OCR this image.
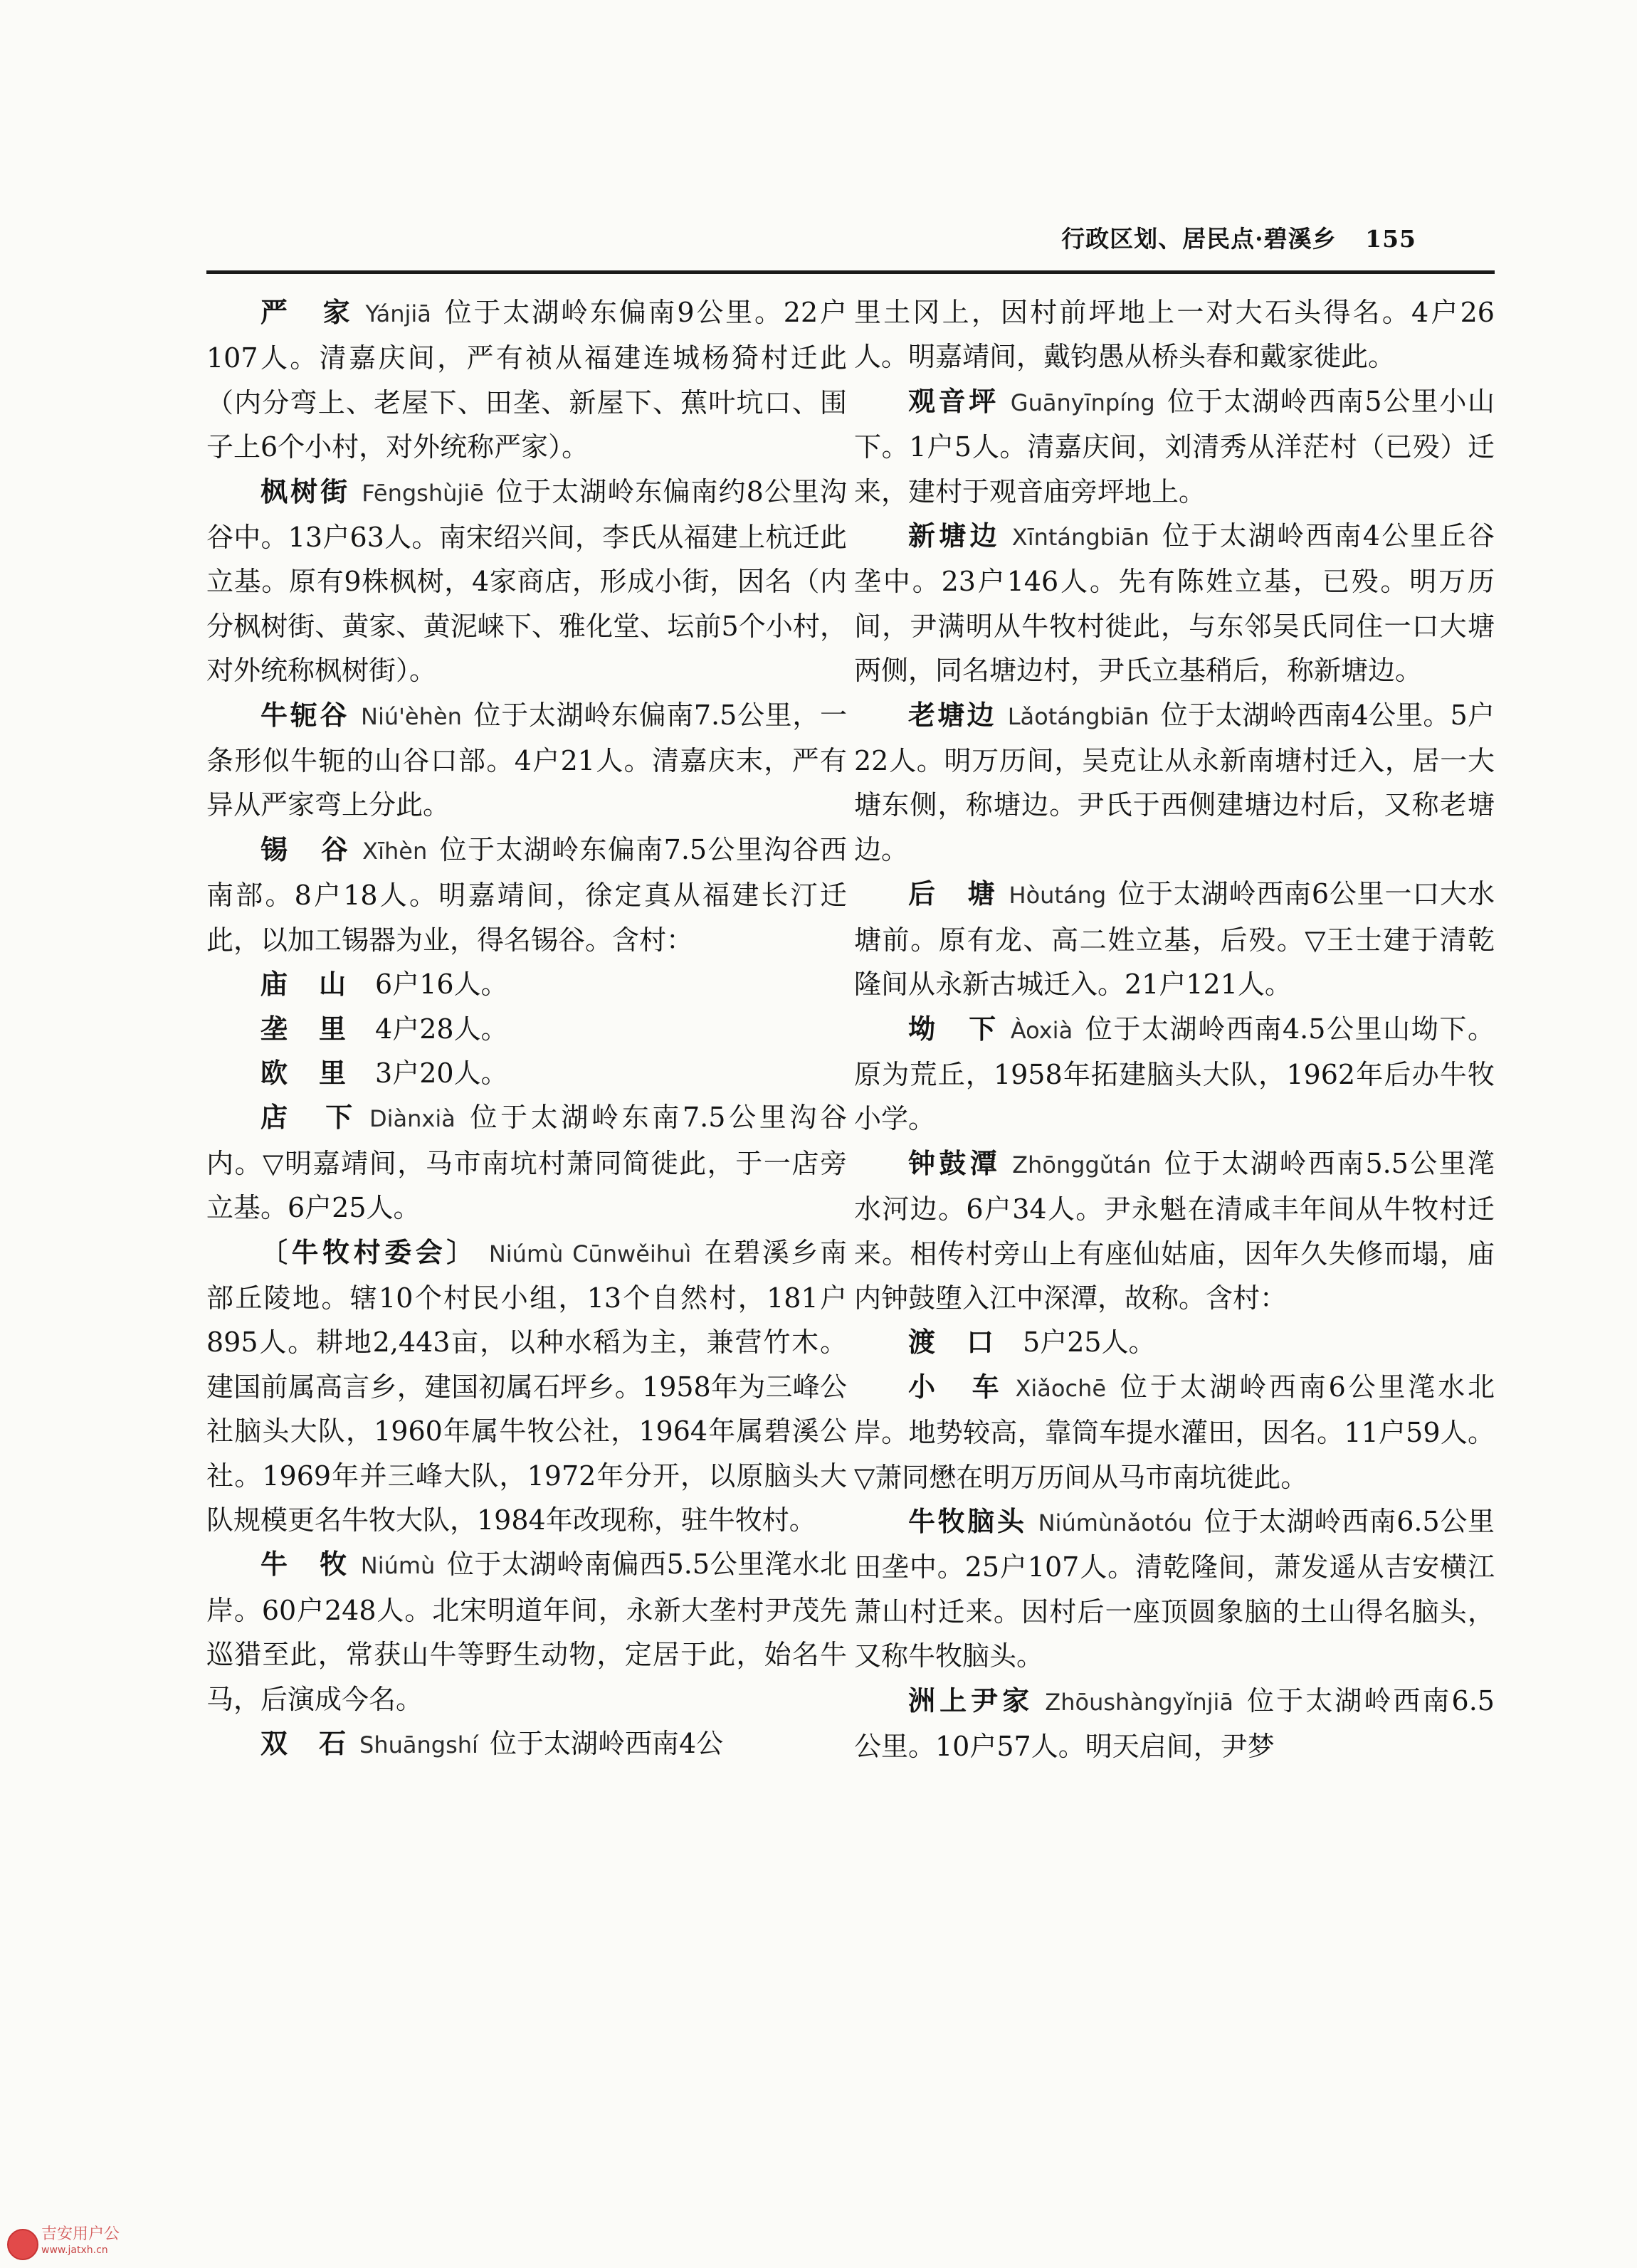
行政区划、居民点·碧溪乡 155

严　家 Yánjiā 位于太湖岭东偏南9公里。22户107人。清嘉庆间，严有祯从福建连城杨猗村迁此（内分弯上、老屋下、田垄、新屋下、蕉叶坑口、围子上6个小村，对外统称严家）。

枫树街 Fēngshùjiē 位于太湖岭东偏南约8公里沟谷中。13户63人。南宋绍兴间，李氏从福建上杭迁此立基。原有9株枫树，4家商店，形成小街，因名（内分枫树街、黄家、黄泥崃下、雅化堂、坛前5个小村，对外统称枫树街）。

牛轭谷 Niú'èhèn 位于太湖岭东偏南7.5公里，一条形似牛轭的山谷口部。4户21人。清嘉庆末，严有异从严家弯上分此。

锡　谷 Xīhèn 位于太湖岭东偏南7.5公里沟谷西南部。8户18人。明嘉靖间，徐定真从福建长汀迁此，以加工锡器为业，得名锡谷。含村：

庙　山　 6户16人。

垄　里　 4户28人。

欧　里　 3户20人。

店　下 Diànxià 位于太湖岭东南7.5公里沟谷内。▽明嘉靖间，马市南坑村萧同简徙此，于一店旁立基。6户25人。

〔牛牧村委会〕 Niúmù Cūnwěihuì 在碧溪乡南部丘陵地。辖10个村民小组，13个自然村，181户895人。耕地2,443亩，以种水稻为主，兼营竹木。建国前属高言乡，建国初属石坪乡。1958年为三峰公社脑头大队，1960年属牛牧公社，1964年属碧溪公社。1969年并三峰大队，1972年分开，以原脑头大队规模更名牛牧大队，1984年改现称，驻牛牧村。

牛　牧 Niúmù 位于太湖岭南偏西5.5公里滗水北岸。60户248人。北宋明道年间，永新大垄村尹茂先巡猎至此，常获山牛等野生动物，定居于此，始名牛马，后演成今名。

双　石 Shuāngshí 位于太湖岭西南4公

里土冈上，因村前坪地上一对大石头得名。4户26人。明嘉靖间，戴钧愚从桥头春和戴家徙此。

观音坪 Guānyīnpíng 位于太湖岭西南5公里小山下。1户5人。清嘉庆间，刘清秀从洋茫村（已殁）迁来，建村于观音庙旁坪地上。

新塘边 Xīntángbiān 位于太湖岭西南4公里丘谷垄中。23户146人。先有陈姓立基，已殁。明万历间，尹满明从牛牧村徙此，与东邻吴氏同住一口大塘两侧，同名塘边村，尹氏立基稍后，称新塘边。

老塘边 Lǎotángbiān 位于太湖岭西南4公里。5户22人。明万历间，吴克让从永新南塘村迁入，居一大塘东侧，称塘边。尹氏于西侧建塘边村后，又称老塘边。

后　塘 Hòutáng 位于太湖岭西南6公里一口大水塘前。原有龙、高二姓立基，后殁。▽王士建于清乾隆间从永新古城迁入。21户121人。

坳　下 Àoxià 位于太湖岭西南4.5公里山坳下。原为荒丘，1958年拓建脑头大队，1962年后办牛牧小学。

钟鼓潭 Zhōnggǔtán 位于太湖岭西南5.5公里滗水河边。6户34人。尹永魁在清咸丰年间从牛牧村迁来。相传村旁山上有座仙姑庙，因年久失修而塌，庙内钟鼓堕入江中深潭，故称。含村：

渡　口　 5户25人。

小　车 Xiǎochē 位于太湖岭西南6公里滗水北岸。地势较高，靠筒车提水灌田，因名。11户59人。▽萧同懋在明万历间从马市南坑徙此。

牛牧脑头 Niúmùnǎotóu 位于太湖岭西南6.5公里田垄中。25户107人。清乾隆间，萧发遥从吉安横江萧山村迁来。因村后一座顶圆象脑的土山得名脑头，又称牛牧脑头。

洲上尹家 Zhōushàngyǐnjiā 位于太湖岭西南6.5公里。10户57人。明天启间，尹梦

吉安用户公
www.jatxh.cn
